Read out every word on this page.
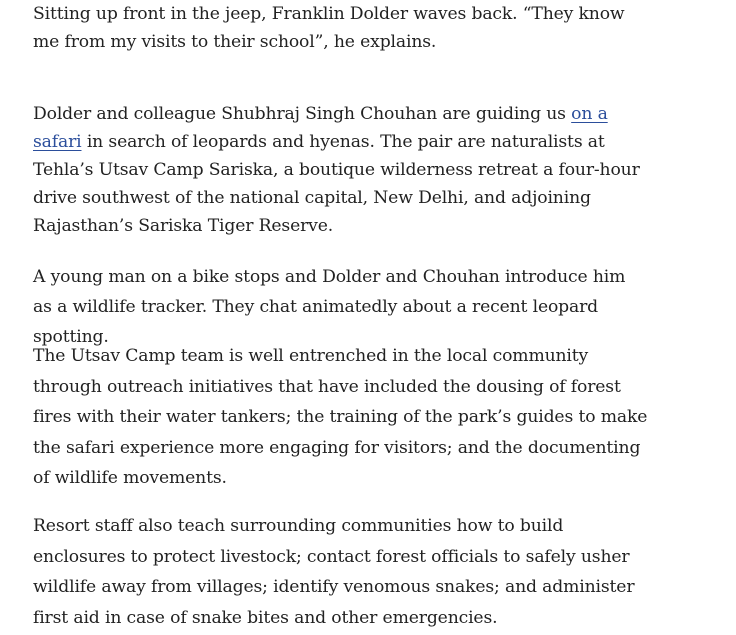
Sitting up front in the jeep, Franklin Dolder waves back. “They know me from my visits to their school”, he explains.

Dolder and colleague Shubhraj Singh Chouhan are guiding us on a safari in search of leopards and hyenas. The pair are naturalists at Tehla’s Utsav Camp Sariska, a boutique wilderness retreat a four-hour drive southwest of the national capital, New Delhi, and adjoining Rajasthan’s Sariska Tiger Reserve.

A young man on a bike stops and Dolder and Chouhan introduce him as a wildlife tracker. They chat animatedly about a recent leopard spotting.

The Utsav Camp team is well entrenched in the local community through outreach initiatives that have included the dousing of forest fires with their water tankers; the training of the park’s guides to make the safari experience more engaging for visitors; and the documenting of wildlife movements.

Resort staff also teach surrounding communities how to build enclosures to protect livestock; contact forest officials to safely usher wildlife away from villages; identify venomous snakes; and administer first aid in case of snake bites and other emergencies.
